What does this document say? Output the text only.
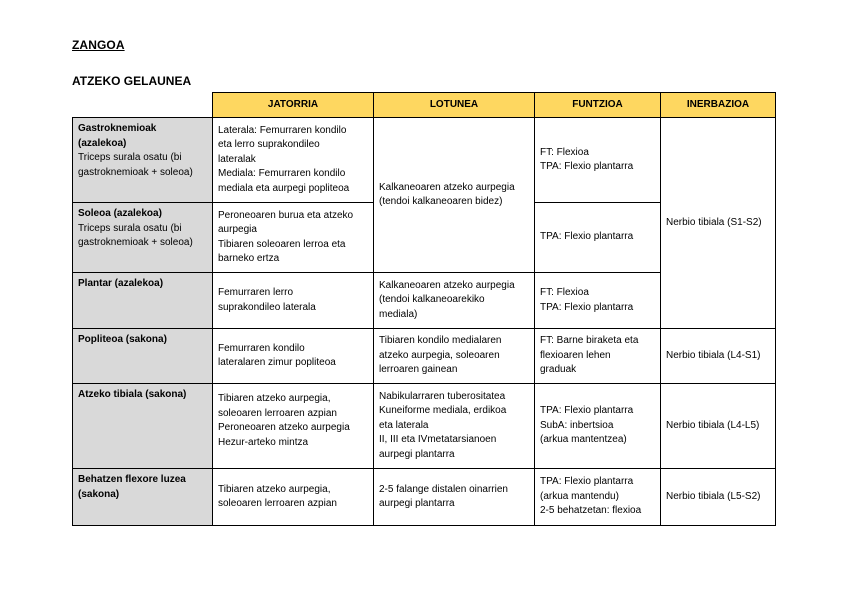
ZANGOA
ATZEKO GELAUNEA
	JATORRIA	LOTUNEA	FUNTZIOA	INERBAZIOA

Gastroknemioak
(azalekoa)
Triceps surala osatu (bi
gastroknemioak + soleoa)	Laterala: Femurraren kondilo
eta lerro suprakondileo
lateralak
Mediala: Femurraren kondilo
mediala eta aurpegi popliteoa	Kalkaneoaren atzeko aurpegia
(tendoi kalkaneoaren bidez)	FT: Flexioa
TPA: Flexio plantarra	Nerbio tibiala (S1-S2)

Soleoa (azalekoa)
Triceps surala osatu (bi
gastroknemioak + soleoa)	Peroneoaren burua eta atzeko
aurpegia
Tibiaren soleoaren lerroa eta
barneko ertza		TPA: Flexio plantarra	

Plantar (azalekoa)	Femurraren lerro
suprakondileo laterala	Kalkaneoaren atzeko aurpegia
(tendoi kalkaneoarekiko
mediala)	FT: Flexioa
TPA: Flexio plantarra	

Popliteoa (sakona)	Femurraren kondilo
lateralaren zimur popliteoa	Tibiaren kondilo medialaren
atzeko aurpegia, soleoaren
lerroaren gainean	FT: Barne biraketa eta
flexioaren lehen
graduak	Nerbio tibiala (L4-S1)

Atzeko tibiala (sakona)	Tibiaren atzeko aurpegia,
soleoaren lerroaren azpian
Peroneoaren atzeko aurpegia
Hezur-arteko mintza	Nabikularraren tuberositatea
Kuneiforme mediala, erdikoa
eta laterala
II, III eta IVmetatarsianoen
aurpegi plantarra	TPA: Flexio plantarra
SubA: inbertsioa
(arkua mantentzea)	Nerbio tibiala (L4-L5)

Behatzen flexore luzea
(sakona)	Tibiaren atzeko aurpegia,
soleoaren lerroaren azpian	2-5 falange distalen oinarrien
aurpegi plantarra	TPA: Flexio plantarra
(arkua mantendu)
2-5 behatzetan: flexioa	Nerbio tibiala (L5-S2)
